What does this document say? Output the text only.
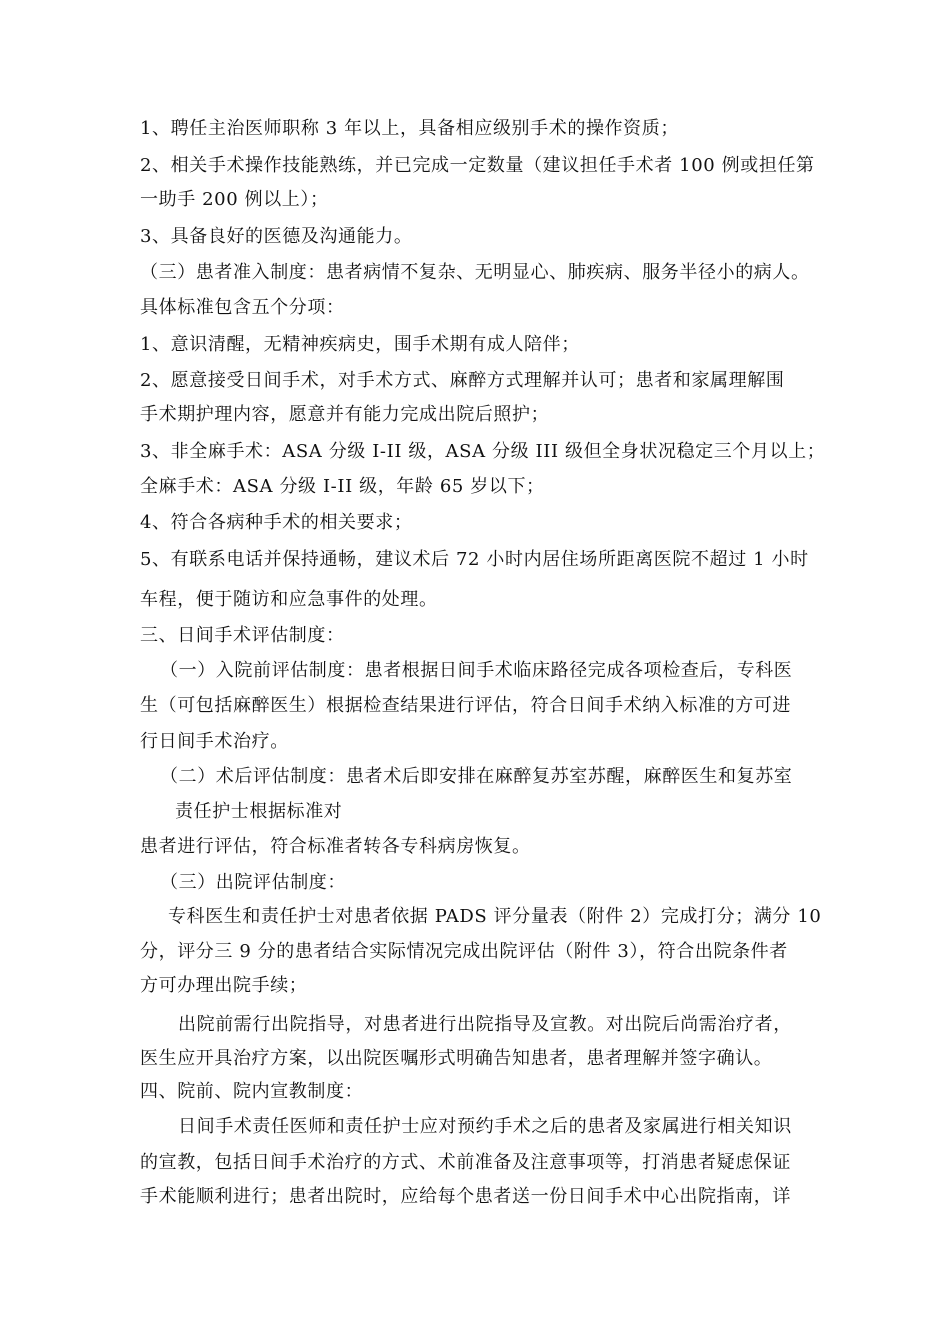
1、聘任主治医师职称 3 年以上，具备相应级别手术的操作资质；
2、相关手术操作技能熟练，并已完成一定数量（建议担任手术者 100 例或担任第
一助手 200 例以上）；
3、具备良好的医德及沟通能力。
（三）患者准入制度：患者病情不复杂、无明显心、肺疾病、服务半径小的病人。
具体标准包含五个分项：
1、意识清醒，无精神疾病史，围手术期有成人陪伴；
2、愿意接受日间手术，对手术方式、麻醉方式理解并认可；患者和家属理解围
手术期护理内容，愿意并有能力完成出院后照护；
3、非全麻手术：ASA 分级 I-II 级，ASA 分级 III 级但全身状况稳定三个月以上；
全麻手术：ASA 分级 I-II 级，年龄 65 岁以下；
4、符合各病种手术的相关要求；
5、有联系电话并保持通畅，建议术后 72 小时内居住场所距离医院不超过 1 小时
车程，便于随访和应急事件的处理。
三、日间手术评估制度：
（一）入院前评估制度：患者根据日间手术临床路径完成各项检查后，专科医
生（可包括麻醉医生）根据检查结果进行评估，符合日间手术纳入标准的方可进
行日间手术治疗。
（二）术后评估制度：患者术后即安排在麻醉复苏室苏醒，麻醉医生和复苏室
责任护士根据标准对
患者进行评估，符合标准者转各专科病房恢复。
（三）出院评估制度：
专科医生和责任护士对患者依据 PADS 评分量表（附件 2）完成打分；满分 10
分，评分三 9 分的患者结合实际情况完成出院评估（附件 3），符合出院条件者
方可办理出院手续；
出院前需行出院指导，对患者进行出院指导及宣教。对出院后尚需治疗者，
医生应开具治疗方案，以出院医嘱形式明确告知患者，患者理解并签字确认。
四、院前、院内宣教制度：
日间手术责任医师和责任护士应对预约手术之后的患者及家属进行相关知识
的宣教，包括日间手术治疗的方式、术前准备及注意事项等，打消患者疑虑保证
手术能顺利进行；患者出院时，应给每个患者送一份日间手术中心出院指南，详
